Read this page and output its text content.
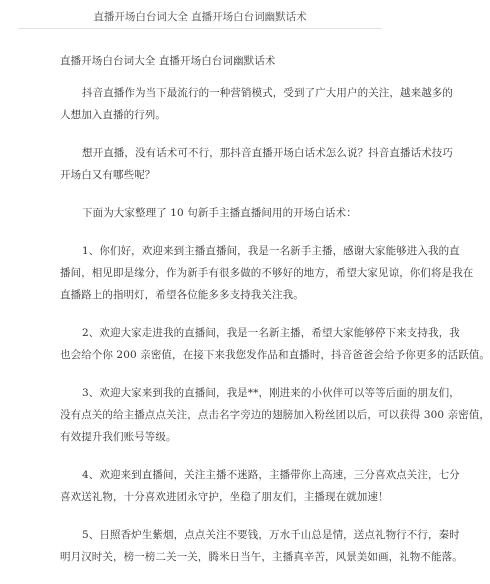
直播开场白台词大全 直播开场白台词幽默话术
直播开场白台词大全 直播开场白台词幽默话术
抖音直播作为当下最流行的一种营销模式，受到了广大用户的关注，越来越多的
人想加入直播的行列。
想开直播，没有话术可不行，那抖音直播开场白话术怎么说？抖音直播话术技巧
开场白又有哪些呢？
下面为大家整理了 10 句新手主播直播间用的开场白话术：
1、你们好，欢迎来到主播直播间，我是一名新手主播，感谢大家能够进入我的直
播间，相见即是缘分，作为新手有很多做的不够好的地方，希望大家见谅，你们将是我在
直播路上的指明灯，希望各位能多多支持我关注我。
2、欢迎大家走进我的直播间，我是一名新主播，希望大家能够停下来支持我，我
也会给个你 200 亲密值，在接下来我您发作品和直播时，抖音爸爸会给予你更多的活跃值。
3、欢迎大家来到我的直播间，我是**，刚进来的小伙伴可以等等后面的朋友们，
没有点关的给主播点点关注，点击名字旁边的翅膀加入粉丝团以后，可以获得 300 亲密值，
有效提升我们账号等级。
4、欢迎来到直播间，关注主播不迷路，主播带你上高速，三分喜欢点关注，七分
喜欢送礼物，十分喜欢进团永守护，坐稳了朋友们，主播现在就加速！
5、日照香炉生紫烟，点点关注不要钱，万水千山总是情，送点礼物行不行，秦时
明月汉时关，榜一榜二关一关，腾米日当午，主播真辛苦，风景美如画，礼物不能落。
